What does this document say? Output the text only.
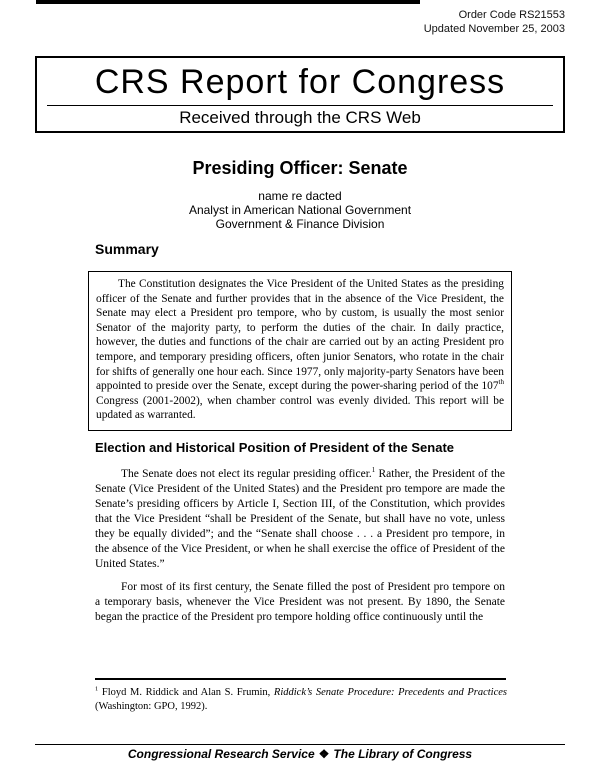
Order Code RS21553
Updated November 25, 2003
CRS Report for Congress
Received through the CRS Web
Presiding Officer: Senate
name re dacted
Analyst in American National Government
Government & Finance Division
Summary

The Constitution designates the Vice President of the United States as the presiding officer of the Senate and further provides that in the absence of the Vice President, the Senate may elect a President pro tempore, who by custom, is usually the most senior Senator of the majority party, to perform the duties of the chair. In daily practice, however, the duties and functions of the chair are carried out by an acting President pro tempore, and temporary presiding officers, often junior Senators, who rotate in the chair for shifts of generally one hour each. Since 1977, only majority-party Senators have been appointed to preside over the Senate, except during the power-sharing period of the 107th Congress (2001-2002), when chamber control was evenly divided. This report will be updated as warranted.

Election and Historical Position of President of the Senate

The Senate does not elect its regular presiding officer.$^1$ Rather, the President of the Senate (Vice President of the United States) and the President pro tempore are made the Senate’s presiding officers by Article I, Section III, of the Constitution, which provides that the Vice President “shall be President of the Senate, but shall have no vote, unless they be equally divided”; and the “Senate shall choose . . . a President pro tempore, in the absence of the Vice President, or when he shall exercise the office of President of the United States.”

For most of its first century, the Senate filled the post of President pro tempore on a temporary basis, whenever the Vice President was not present. By 1890, the Senate began the practice of the President pro tempore holding office continuously until the

$^1$ Floyd M. Riddick and Alan S. Frumin, Riddick’s Senate Procedure: Precedents and Practices (Washington: GPO, 1992).
Congressional Research Service ❖ The Library of Congress
